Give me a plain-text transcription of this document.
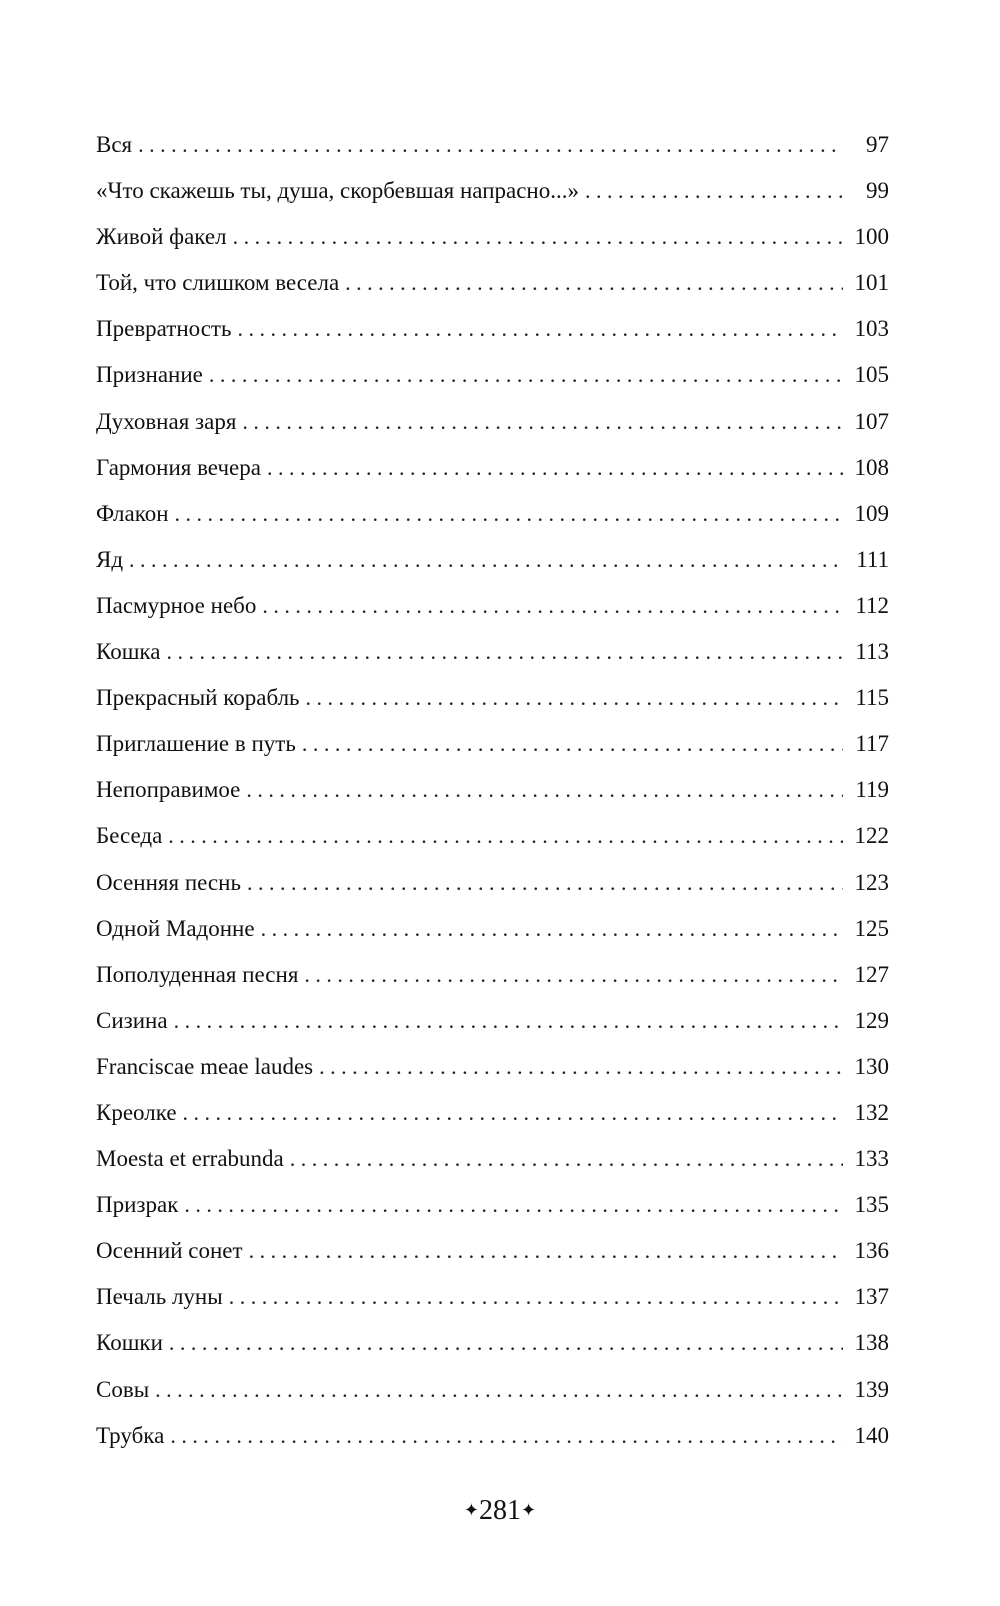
Вся . . .	97
«Что скажешь ты, душа, скорбевшая напрасно...» . . .	99
Живой факел . . .	100
Той, что слишком весела . . .	101
Превратность . . .	103
Признание . . .	105
Духовная заря . . .	107
Гармония вечера . . .	108
Флакон . . .	109
Яд . . .	111
Пасмурное небо . . .	112
Кошка . . .	113
Прекрасный корабль . . .	115
Приглашение в путь . . .	117
Непоправимое . . .	119
Беседа . . .	122
Осенняя песнь . . .	123
Одной Мадонне . . .	125
Пополуденная песня . . .	127
Сизина . . .	129
Franciscae meae laudes . . .	130
Креолке . . .	132
Moesta et errabunda . . .	133
Призрак . . .	135
Осенний сонет . . .	136
Печаль луны . . .	137
Кошки . . .	138
Совы . . .	139
Трубка . . .	140
✦281✦
